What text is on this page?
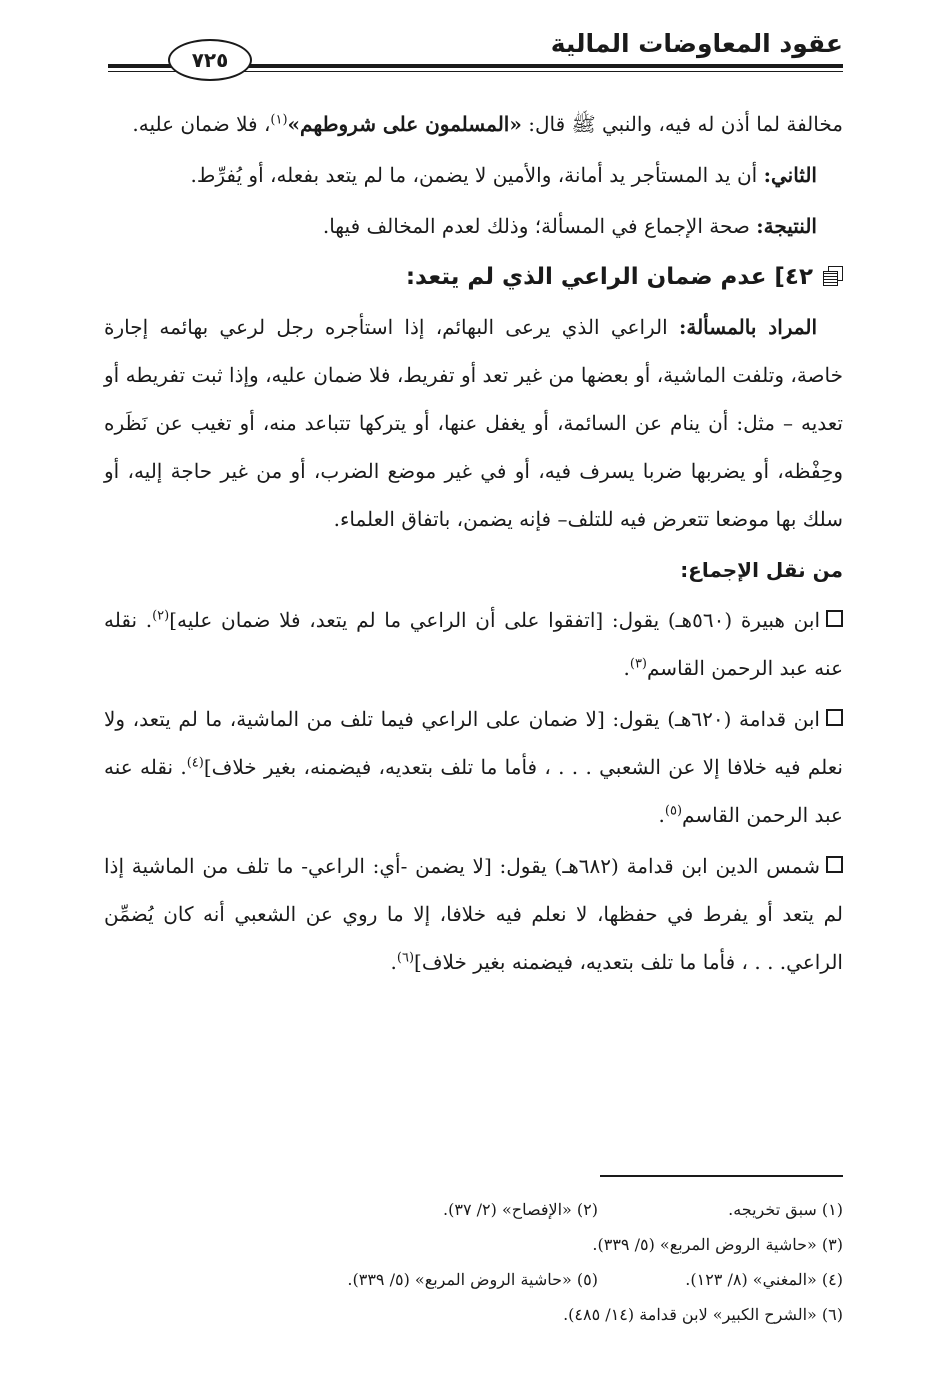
عقود المعاوضات المالية
٧٢٥

مخالفة لما أذن له فيه، والنبي ﷺ قال: «المسلمون على شروطهم»$^{(١)}$، فلا ضمان عليه.

الثاني: أن يد المستأجر يد أمانة، والأمين لا يضمن، ما لم يتعد بفعله، أو يُفرِّط.

النتيجة: صحة الإجماع في المسألة؛ وذلك لعدم المخالف فيها.

٤٢] عدم ضمان الراعي الذي لم يتعد:

المراد بالمسألة: الراعي الذي يرعى البهائم، إذا استأجره رجل لرعي بهائمه إجارة خاصة، وتلفت الماشية، أو بعضها من غير تعد أو تفريط، فلا ضمان عليه، وإذا ثبت تفريطه أو تعديه – مثل: أن ينام عن السائمة، أو يغفل عنها، أو يتركها تتباعد منه، أو تغيب عن نَظَره وحِفْظه، أو يضربها ضربا يسرف فيه، أو في غير موضع الضرب، أو من غير حاجة إليه، أو سلك بها موضعا تتعرض فيه للتلف– فإنه يضمن، باتفاق العلماء.

من نقل الإجماع:

ابن هبيرة (٥٦٠هـ) يقول: [اتفقوا على أن الراعي ما لم يتعد، فلا ضمان عليه]$^{(٢)}$. نقله عنه عبد الرحمن القاسم$^{(٣)}$.

ابن قدامة (٦٢٠هـ) يقول: [لا ضمان على الراعي فيما تلف من الماشية، ما لم يتعد، ولا نعلم فيه خلافا إلا عن الشعبي . . . ، فأما ما تلف بتعديه، فيضمنه، بغير خلاف]$^{(٤)}$. نقله عنه عبد الرحمن القاسم$^{(٥)}$.

شمس الدين ابن قدامة (٦٨٢هـ) يقول: [لا يضمن -أي: الراعي- ما تلف من الماشية إذا لم يتعد أو يفرط في حفظها، لا نعلم فيه خلافا، إلا ما روي عن الشعبي أنه كان يُضمِّن الراعي. . . ، فأما ما تلف بتعديه، فيضمنه بغير خلاف]$^{(٦)}$.

(١) سبق تخريجه.
(٢) «الإفصاح» (٢/ ٣٧).
(٣) «حاشية الروض المربع» (٥/ ٣٣٩).
(٤) «المغني» (٨/ ١٢٣).
(٥) «حاشية الروض المربع» (٥/ ٣٣٩).
(٦) «الشرح الكبير» لابن قدامة (١٤/ ٤٨٥).
